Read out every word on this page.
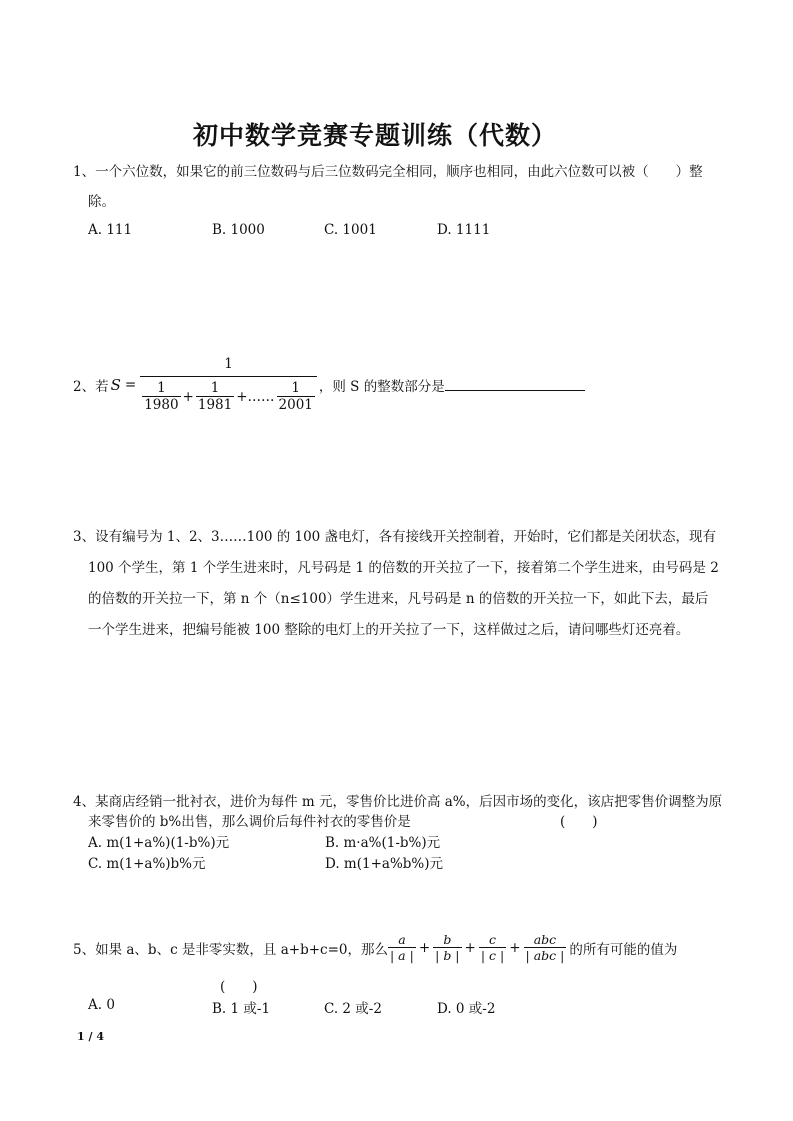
初中数学竞赛专题训练（代数）
1、一个六位数，如果它的前三位数码与后三位数码完全相同，顺序也相同，由此六位数可以被（　　）整
除。
A. 111	B. 1000	C. 1001	D. 1111
2、若 S =
1
$\frac{1}{1980} + \frac{1}{1981}$ +…… $\frac{1}{2001}$ ，则 S 的整数部分是
3、设有编号为 1、2、3……100 的 100 盏电灯，各有接线开关控制着，开始时，它们都是关闭状态，现有
100 个学生，第 1 个学生进来时，凡号码是 1 的倍数的开关拉了一下，接着第二个学生进来，由号码是 2
的倍数的开关拉一下，第 n 个（n≤100）学生进来，凡号码是 n 的倍数的开关拉一下，如此下去，最后
一个学生进来，把编号能被 100 整除的电灯上的开关拉了一下，这样做过之后，请问哪些灯还亮着。
4、某商店经销一批衬衣，进价为每件 m 元，零售价比进价高 a%，后因市场的变化，该店把零售价调整为原
来零售价的 b%出售，那么调价后每件衬衣的零售价是	(　　)
A. m(1+a%)(1-b%)元	B. m·a%(1-b%)元
C. m(1+a%)b%元	D. m(1+a%b%)元
5、如果 a、b、c 是非零实数，且 a+b+c=0，那么 $\frac{a}{| a |} + \frac{b}{| b |} + \frac{c}{| c |} + \frac{\text{abc}}{\text{| abc |}}$ 的所有可能的值为
(　　)
A. 0	B. 1 或-1	C. 2 或-2	D. 0 或-2
1 / 4
